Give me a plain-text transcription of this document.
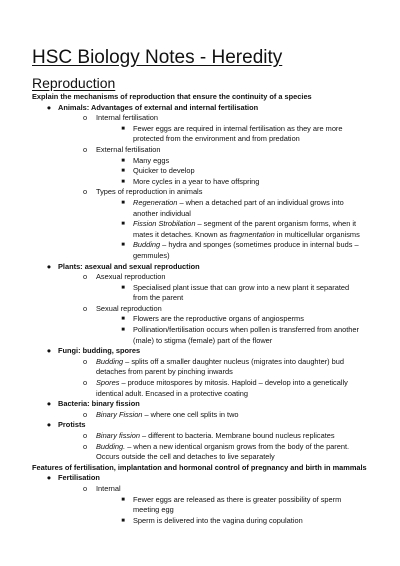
HSC Biology Notes - Heredity
Reproduction

Explain the mechanisms of reproduction that ensure the continuity of a species

● Animals: Advantages of external and internal fertilisation

o	Internal fertilisation

■	Fewer eggs are required in internal fertilisation as they are more protected from the environment and from predation

o	External fertilisation

■	Many eggs

■	Quicker to develop

■	More cycles in a year to have offspring

o	Types of reproduction in animals

■	Regeneration – when a detached part of an individual grows into another individual

■	Fission Strobilation – segment of the parent organism forms, when it mates it detaches. Known as fragmentation in multicellular organisms

■	Budding – hydra and sponges (sometimes produce in internal buds – gemmules)

● Plants: asexual and sexual reproduction

o	Asexual reproduction

■	Specialised plant issue that can grow into a new plant it separated from the parent

o	Sexual reproduction

■	Flowers are the reproductive organs of angiosperms

■	Pollination/fertilisation occurs when pollen is transferred from another (male) to stigma (female) part of the flower

● Fungi: budding, spores

o	Budding – splits off a smaller daughter nucleus (migrates into daughter) bud detaches from parent by pinching inwards

o	Spores – produce mitospores by mitosis. Haploid – develop into a genetically identical adult. Encased in a protective coating

● Bacteria: binary fission

o	Binary Fission – where one cell splits in two

● Protists

o	Binary fission – different to bacteria. Membrane bound nucleus replicates

o	Budding. – when a new identical organism grows from the body of the parent. Occurs outside the cell and detaches to live separately

Features of fertilisation, implantation and hormonal control of pregnancy and birth in mammals

● Fertilisation

o	Internal

■	Fewer eggs are released as there is greater possibility of sperm meeting egg

■	Sperm is delivered into the vagina during copulation
